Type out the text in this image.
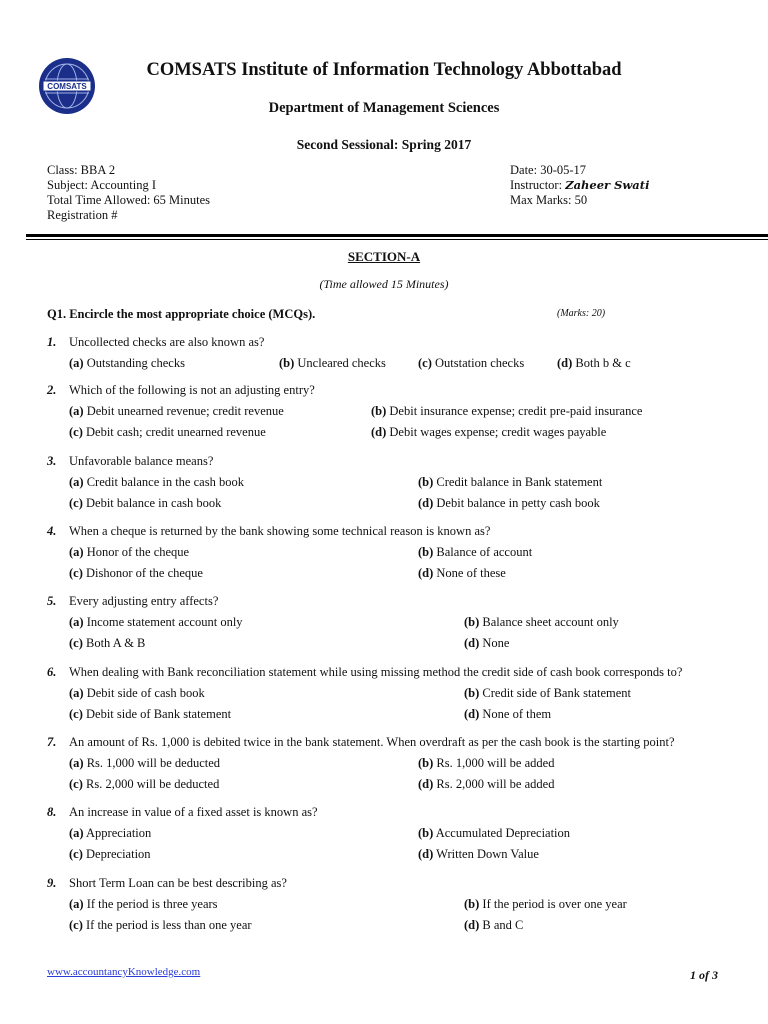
COMSATS
COMSATS Institute of Information Technology Abbottabad
Department of Management Sciences
Second Sessional: Spring 2017
Class: BBA 2
Subject: Accounting I
Total Time Allowed: 65 Minutes
Registration #
Date: 30-05-17
Instructor: Zaheer Swati
Max Marks: 50
SECTION-A
(Time allowed 15 Minutes)
Q1. Encircle the most appropriate choice (MCQs).	(Marks: 20)
1. Uncollected checks are also known as?
(a) Outstanding checks	(b) Uncleared checks	(c) Outstation checks	(d) Both b & c
2. Which of the following is not an adjusting entry?
(a) Debit unearned revenue; credit revenue	(b) Debit insurance expense; credit pre-paid insurance
(c) Debit cash; credit unearned revenue	(d) Debit wages expense; credit wages payable
3. Unfavorable balance means?
(a) Credit balance in the cash book	(b) Credit balance in Bank statement
(c) Debit balance in cash book	(d) Debit balance in petty cash book
4. When a cheque is returned by the bank showing some technical reason is known as?
(a) Honor of the cheque	(b) Balance of account
(c) Dishonor of the cheque	(d) None of these
5. Every adjusting entry affects?
(a) Income statement account only	(b) Balance sheet account only
(c) Both A & B	(d) None
6. When dealing with Bank reconciliation statement while using missing method the credit side of cash book corresponds to?
(a) Debit side of cash book	(b) Credit side of Bank statement
(c) Debit side of Bank statement	(d) None of them
7. An amount of Rs. 1,000 is debited twice in the bank statement. When overdraft as per the cash book is the starting point?
(a) Rs. 1,000 will be deducted	(b) Rs. 1,000 will be added
(c) Rs. 2,000 will be deducted	(d) Rs. 2,000 will be added
8. An increase in value of a fixed asset is known as?
(a) Appreciation	(b) Accumulated Depreciation
(c) Depreciation	(d) Written Down Value
9. Short Term Loan can be best describing as?
(a) If the period is three years	(b) If the period is over one year
(c) If the period is less than one year	(d) B and C
www.accountancyKnowledge.com	1 of 3
